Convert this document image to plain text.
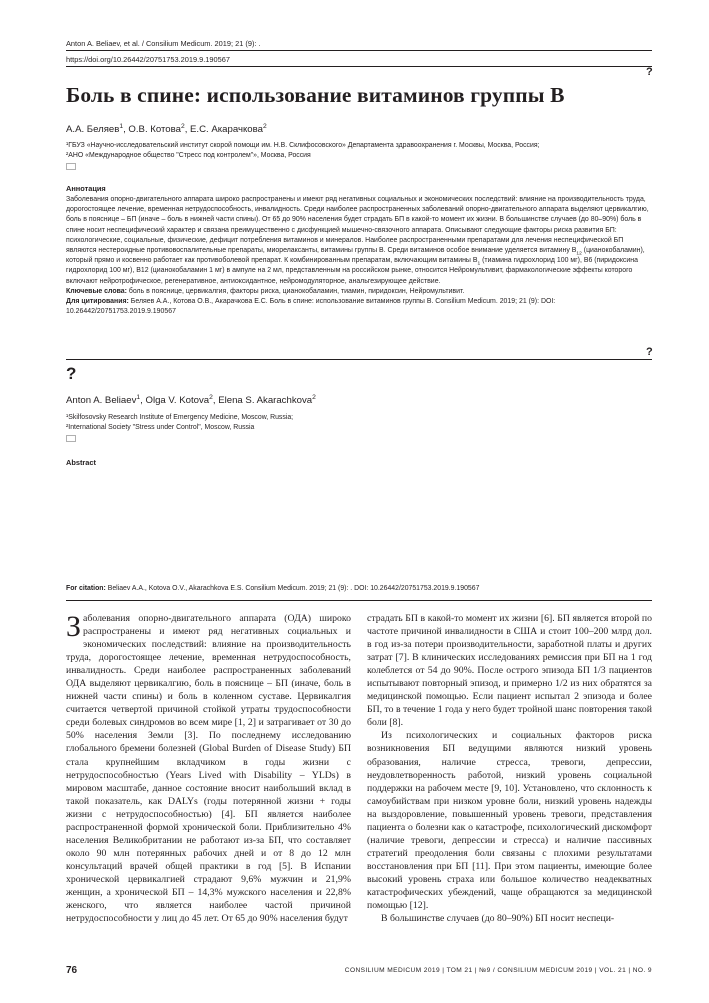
Anton A. Beliaev, et al. / Consilium Medicum. 2019; 21 (9): .
https://doi.org/10.26442/20751753.2019.9.190567
?
Боль в спине: использование витаминов группы В
А.А. Беляев$^1$, О.В. Котова$^2$, Е.С. Акарачкова$^2$
¹ГБУЗ «Научно-исследовательский институт скорой помощи им. Н.В. Склифосовского» Департамента здравоохранения г. Москвы, Москва, Россия;
²АНО «Международное общество "Стресс под контролем"», Москва, Россия
Аннотация

Заболевания опорно-двигательного аппарата широко распространены и имеют ряд негативных социальных и экономических последствий: влияние на производительность труда, дорогостоящее лечение, временная нетрудоспособность, инвалидность. Среди наиболее распространенных заболеваний опорно-двигательного аппарата выделяют цервикалгию, боль в пояснице – БП (иначе – боль в нижней части спины). От 65 до 90% населения будет страдать БП в какой-то момент их жизни. В большинстве случаев (до 80–90%) боль в спине носит неспецифический характер и связана преимущественно с дисфункцией мышечно-связочного аппарата. Описывают следующие факторы риска развития БП: психологические, социальные, физические, дефицит потребления витаминов и минералов. Наиболее распространенными препаратами для лечения неспецифической БП являются нестероидные противовоспалительные препараты, миорелаксанты, витамины группы В. Среди витаминов особое внимание уделяется витамину $B_{12}$ (цианокобаламин), который прямо и косвенно работает как противоболевой препарат. К комбинированным препаратам, включающим витамины $B_1$ (тиамина гидрохлорид 100 мг), B6 (пиридоксина гидрохлорид 100 мг), B12 (цианокобаламин 1 мг) в ампуле на 2 мл, представленным на российском рынке, относится Нейромультивит, фармакологические эффекты которого включают нейротрофическое, регенеративное, антиоксидантное, нейромодуляторное, анальгезирующее действие.

Ключевые слова: боль в пояснице, цервикалгия, факторы риска, цианокобаламин, тиамин, пиридоксин, Нейромультивит.

Для цитирования: Беляев А.А., Котова О.В., Акарачкова Е.С. Боль в спине: использование витаминов группы В. Consilium Medicum. 2019; 21 (9): DOI: 10.26442/20751753.2019.9.190567

?
?
Anton A. Beliaev$^1$, Olga V. Kotova$^2$, Elena S. Akarachkova$^2$
¹Skilfosovsky Research Institute of Emergency Medicine, Moscow, Russia;
²International Society "Stress under Control", Moscow, Russia
Abstract
For citation: Beliaev A.A., Kotova O.V., Akarachkova E.S. Consilium Medicum. 2019; 21 (9): . DOI: 10.26442/20751753.2019.9.190567

Заболевания опорно-двигательного аппарата (ОДА) широко распространены и имеют ряд негативных социальных и экономических последствий: влияние на производительность труда, дорогостоящее лечение, временная нетрудоспособность, инвалидность. Среди наиболее распространенных заболеваний ОДА выделяют цервикалгию, боль в пояснице – БП (иначе, боль в нижней части спины) и боль в коленном суставе. Цервикалгия считается четвертой причиной стойкой утраты трудоспособности среди болевых синдромов во всем мире [1, 2] и затрагивает от 30 до 50% населения Земли [3]. По последнему исследованию глобального бремени болезней (Global Burden of Disease Study) БП стала крупнейшим вкладчиком в годы жизни с нетрудоспособностью (Years Lived with Disability – YLDs) в мировом масштабе, данное состояние вносит наибольший вклад в такой показатель, как DALYs (годы потерянной жизни + годы жизни с нетрудоспособностью) [4]. БП является наиболее распространенной формой хронической боли. Приблизительно 4% населения Великобритании не работают из-за БП, что составляет около 90 млн потерянных рабочих дней и от 8 до 12 млн консультаций врачей общей практики в год [5]. В Испании хронической цервикалгией страдают 9,6% мужчин и 21,9% женщин, а хронической БП – 14,3% мужского населения и 22,8% женского, что является наиболее частой причиной нетрудоспособности у лиц до 45 лет. От 65 до 90% населения будут

страдать БП в какой-то момент их жизни [6]. БП является второй по частоте причиной инвалидности в США и стоит 100–200 млрд дол. в год из-за потери производительности, заработной платы и других затрат [7]. В клинических исследованиях ремиссия при БП на 1 год колеблется от 54 до 90%. После острого эпизода БП 1/3 пациентов испытывают повторный эпизод, и примерно 1/2 из них обратятся за медицинской помощью. Если пациент испытал 2 эпизода и более БП, то в течение 1 года у него будет тройной шанс повторения такой боли [8].

Из психологических и социальных факторов риска возникновения БП ведущими являются низкий уровень образования, наличие стресса, тревоги, депрессии, неудовлетворенность работой, низкий уровень социальной поддержки на рабочем месте [9, 10]. Установлено, что склонность к самоубийствам при низком уровне боли, низкий уровень надежды на выздоровление, повышенный уровень тревоги, представления пациента о болезни как о катастрофе, психологический дискомфорт (наличие тревоги, депрессии и стресса) и наличие пассивных стратегий преодоления боли связаны с плохими результатами восстановления при БП [11]. При этом пациенты, имеющие более высокий уровень страха или большое количество неадекватных катастрофических убеждений, чаще обращаются за медицинской помощью [12].

В большинстве случаев (до 80–90%) БП носит неспеци-

76	CONSILIUM MEDICUM 2019 | ТОМ 21 | №9 / CONSILIUM MEDICUM 2019 | VOL. 21 | NO. 9
